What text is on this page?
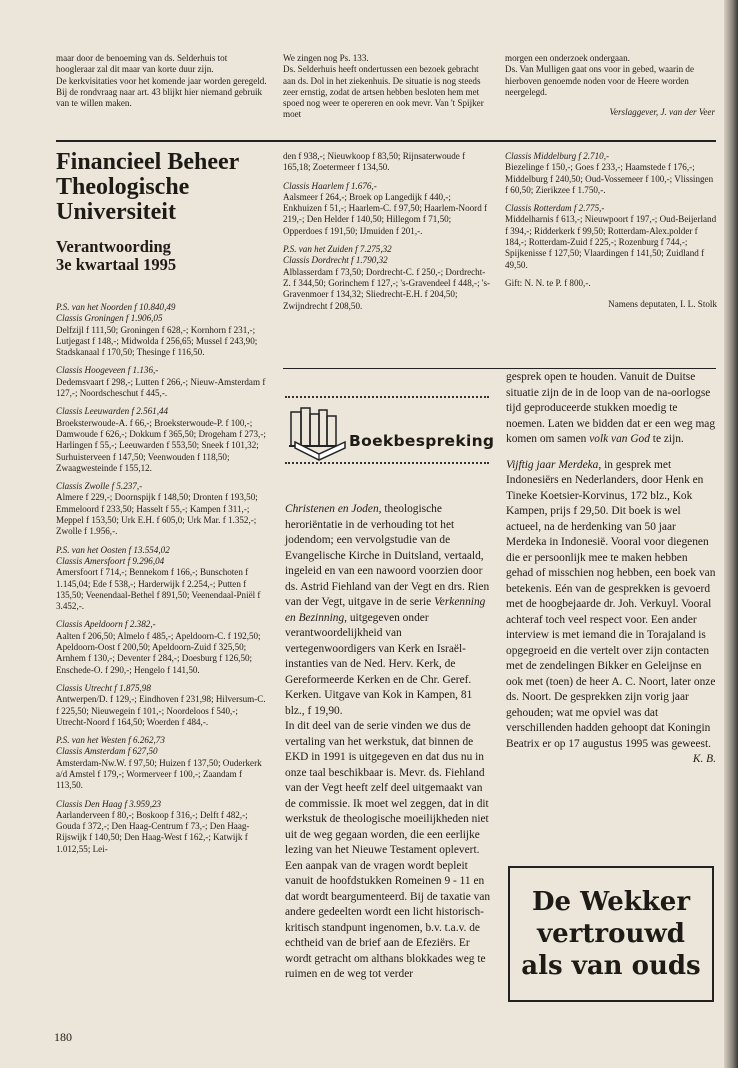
maar door de benoeming van ds. Selderhuis tot hoogleraar zal dit maar van korte duur zijn.

De kerkvisitaties voor het komende jaar worden geregeld.

Bij de rondvraag naar art. 43 blijkt hier niemand gebruik van te willen maken.

We zingen nog Ps. 133.

Ds. Selderhuis heeft ondertussen een bezoek gebracht aan ds. Dol in het ziekenhuis. De situatie is nog steeds zeer ernstig, zodat de artsen hebben besloten hem met spoed nog weer te opereren en ook mevr. Van 't Spijker moet

morgen een onderzoek ondergaan.

Ds. Van Mulligen gaat ons voor in gebed, waarin de hierboven genoemde noden voor de Heere worden neergelegd.

Verslaggever, J. van der Veer

Financieel Beheer
Theologische
Universiteit
Verantwoording
3e kwartaal 1995

P.S. van het Noorden f 10.840,49
Classis Groningen f 1.906,05
Delfzijl f 111,50; Groningen f 628,-; Kornhorn f 231,-; Lutjegast f 148,-; Midwolda f 256,65; Mussel f 243,90; Stadskanaal f 170,50; Thesinge f 116,50.

Classis Hoogeveen f 1.136,-
Dedemsvaart f 298,-; Lutten f 266,-; Nieuw-Amsterdam f 127,-; Noordscheschut f 445,-.

Classis Leeuwarden f 2.561,44
Broeksterwoude-A. f 66,-; Broeksterwoude-P. f 100,-; Damwoude f 626,-; Dokkum f 365,50; Drogeham f 273,-; Harlingen f 55,-; Leeuwarden f 553,50; Sneek f 101,32; Surhuisterveen f 147,50; Veenwouden f 118,50; Zwaagwesteinde f 155,12.

Classis Zwolle f 5.237,-
Almere f 229,-; Doornspijk f 148,50; Dronten f 193,50; Emmeloord f 233,50; Hasselt f 55,-; Kampen f 311,-; Meppel f 153,50; Urk E.H. f 605,0; Urk Mar. f 1.352,-; Zwolle f 1.956,-.

P.S. van het Oosten f 13.554,02
Classis Amersfoort f 9.296,04
Amersfoort f 714,-; Bennekom f 166,-; Bunschoten f 1.145,04; Ede f 538,-; Harderwijk f 2.254,-; Putten f 135,50; Veenendaal-Bethel f 891,50; Veenendaal-Pniël f 3.452,-.

Classis Apeldoorn f 2.382,-
Aalten f 206,50; Almelo f 485,-; Apeldoorn-C. f 192,50; Apeldoorn-Oost f 200,50; Apeldoorn-Zuid f 325,50; Arnhem f 130,-; Deventer f 284,-; Doesburg f 126,50; Enschede-O. f 290,-; Hengelo f 141,50.

Classis Utrecht f 1.875,98
Antwerpen/D. f 129,-; Eindhoven f 231,98; Hilversum-C. f 225,50; Nieuwegein f 101,-; Noordeloos f 540,-; Utrecht-Noord f 164,50; Woerden f 484,-.

P.S. van het Westen f 6.262,73
Classis Amsterdam f 627,50
Amsterdam-Nw.W. f 97,50; Huizen f 137,50; Ouderkerk a/d Amstel f 179,-; Wormerveer f 100,-; Zaandam f 113,50.

Classis Den Haag f 3.959,23
Aarlanderveen f 80,-; Boskoop f 316,-; Delft f 482,-; Gouda f 372,-; Den Haag-Centrum f 73,-; Den Haag-Rijswijk f 140,50; Den Haag-West f 162,-; Katwijk f 1.012,55; Lei-

den f 938,-; Nieuwkoop f 83,50; Rijnsaterwoude f 165,18; Zoetermeer f 134,50.

Classis Haarlem f 1.676,-
Aalsmeer f 264,-; Broek op Langedijk f 440,-; Enkhuizen f 51,-; Haarlem-C. f 97,50; Haarlem-Noord f 219,-; Den Helder f 140,50; Hillegom f 71,50; Opperdoes f 191,50; IJmuiden f 201,-.

P.S. van het Zuiden f 7.275,32
Classis Dordrecht f 1.790,32
Alblasserdam f 73,50; Dordrecht-C. f 250,-; Dordrecht-Z. f 344,50; Gorinchem f 127,-; 's-Gravendeel f 448,-; 's-Gravenmoer f 134,32; Sliedrecht-E.H. f 204,50; Zwijndrecht f 208,50.

Classis Middelburg f 2.710,-
Biezelinge f 150,-; Goes f 233,-; Haamstede f 176,-; Middelburg f 240,50; Oud-Vossemeer f 100,-; Vlissingen f 60,50; Zierikzee f 1.750,-.

Classis Rotterdam f 2.775,-
Middelharnis f 613,-; Nieuwpoort f 197,-; Oud-Beijerland f 394,-; Ridderkerk f 99,50; Rotterdam-Alex.polder f 184,-; Rotterdam-Zuid f 225,-; Rozenburg f 744,-; Spijkenisse f 127,50; Vlaardingen f 141,50; Zuidland f 49,50.

Gift: N. N. te P. f 800,-.

Namens deputaten, I. L. Stolk

Boekbespreking

Christenen en Joden, theologische heroriëntatie in de verhouding tot het jodendom; een vervolgstudie van de Evangelische Kirche in Duitsland, vertaald, ingeleid en van een nawoord voorzien door ds. Astrid Fiehland van der Vegt en drs. Rien van der Vegt, uitgave in de serie Verkenning en Bezinning, uitgegeven onder verantwoordelijkheid van vertegenwoordigers van Kerk en Israël-instanties van de Ned. Herv. Kerk, de Gereformeerde Kerken en de Chr. Geref. Kerken. Uitgave van Kok in Kampen, 81 blz., f 19,90.

In dit deel van de serie vinden we dus de vertaling van het werkstuk, dat binnen de EKD in 1991 is uitgegeven en dat dus nu in onze taal beschikbaar is. Mevr. ds. Fiehland van der Vegt heeft zelf deel uitgemaakt van de commissie. Ik moet wel zeggen, dat in dit werkstuk de theologische moeilijkheden niet uit de weg gegaan worden, die een eerlijke lezing van het Nieuwe Testament oplevert. Een aanpak van de vragen wordt bepleit vanuit de hoofdstukken Romeinen 9 - 11 en dat wordt beargumenteerd. Bij de taxatie van andere gedeelten wordt een licht historisch-kritisch standpunt ingenomen, b.v. t.a.v. de echtheid van de brief aan de Efeziërs. Er wordt getracht om althans blokkades weg te ruimen en de weg tot verder

gesprek open te houden. Vanuit de Duitse situatie zijn de in de loop van de na-oorlogse tijd geproduceerde stukken moedig te noemen. Laten we bidden dat er een weg mag komen om samen volk van God te zijn.

Vijftig jaar Merdeka, in gesprek met Indonesiërs en Nederlanders, door Henk en Tineke Koetsier-Korvinus, 172 blz., Kok Kampen, prijs f 29,50. Dit boek is wel actueel, na de herdenking van 50 jaar Merdeka in Indonesië. Vooral voor diegenen die er persoonlijk mee te maken hebben gehad of misschien nog hebben, een boek van betekenis. Eén van de gesprekken is gevoerd met de hoogbejaarde dr. Joh. Verkuyl. Vooral achteraf toch veel respect voor. Een ander interview is met iemand die in Torajaland is opgegroeid en die vertelt over zijn contacten met de zendelingen Bikker en Geleijnse en ook met (toen) de heer A. C. Noort, later onze ds. Noort. De gesprekken zijn vorig jaar gehouden; wat me opviel was dat verschillenden hadden gehoopt dat Koningin Beatrix er op 17 augustus 1995 was geweest.

K. B.

De Wekker
vertrouwd
als van ouds
180
